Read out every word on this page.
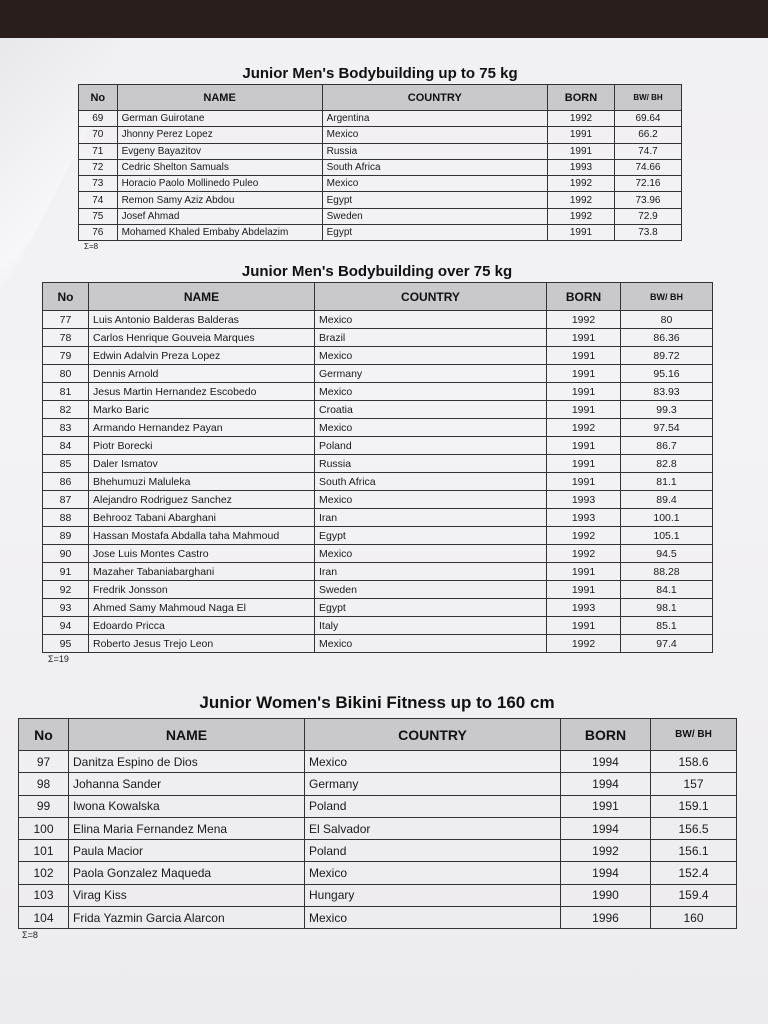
Junior Men's Bodybuilding up to 75 kg
No	NAME	COUNTRY	BORN	BW/ BH
69	German Guirotane	Argentina	1992	69.64
70	Jhonny Perez Lopez	Mexico	1991	66.2
71	Evgeny Bayazitov	Russia	1991	74.7
72	Cedric Shelton Samuals	South Africa	1993	74.66
73	Horacio Paolo Mollinedo Puleo	Mexico	1992	72.16
74	Remon Samy Aziz Abdou	Egypt	1992	73.96
75	Josef Ahmad	Sweden	1992	72.9
76	Mohamed Khaled Embaby Abdelazim	Egypt	1991	73.8
Σ=8
Junior Men's Bodybuilding over 75 kg
No	NAME	COUNTRY	BORN	BW/ BH
77	Luis Antonio Balderas Balderas	Mexico	1992	80
78	Carlos Henrique Gouveia Marques	Brazil	1991	86.36
79	Edwin Adalvin Preza Lopez	Mexico	1991	89.72
80	Dennis Arnold	Germany	1991	95.16
81	Jesus Martin Hernandez Escobedo	Mexico	1991	83.93
82	Marko Baric	Croatia	1991	99.3
83	Armando Hernandez Payan	Mexico	1992	97.54
84	Piotr Borecki	Poland	1991	86.7
85	Daler Ismatov	Russia	1991	82.8
86	Bhehumuzi Maluleka	South Africa	1991	81.1
87	Alejandro Rodriguez Sanchez	Mexico	1993	89.4
88	Behrooz Tabani Abarghani	Iran	1993	100.1
89	Hassan Mostafa Abdalla taha Mahmoud	Egypt	1992	105.1
90	Jose Luis Montes Castro	Mexico	1992	94.5
91	Mazaher Tabaniabarghani	Iran	1991	88.28
92	Fredrik Jonsson	Sweden	1991	84.1
93	Ahmed Samy Mahmoud Naga El	Egypt	1993	98.1
94	Edoardo Pricca	Italy	1991	85.1
95	Roberto Jesus Trejo Leon	Mexico	1992	97.4
Σ=19
Junior Women's Bikini Fitness up to 160 cm
No	NAME	COUNTRY	BORN	BW/ BH
97	Danitza Espino de Dios	Mexico	1994	158.6
98	Johanna Sander	Germany	1994	157
99	Iwona Kowalska	Poland	1991	159.1
100	Elina Maria Fernandez Mena	El Salvador	1994	156.5
101	Paula Macior	Poland	1992	156.1
102	Paola Gonzalez Maqueda	Mexico	1994	152.4
103	Virag Kiss	Hungary	1990	159.4
104	Frida Yazmin Garcia Alarcon	Mexico	1996	160
Σ=8
